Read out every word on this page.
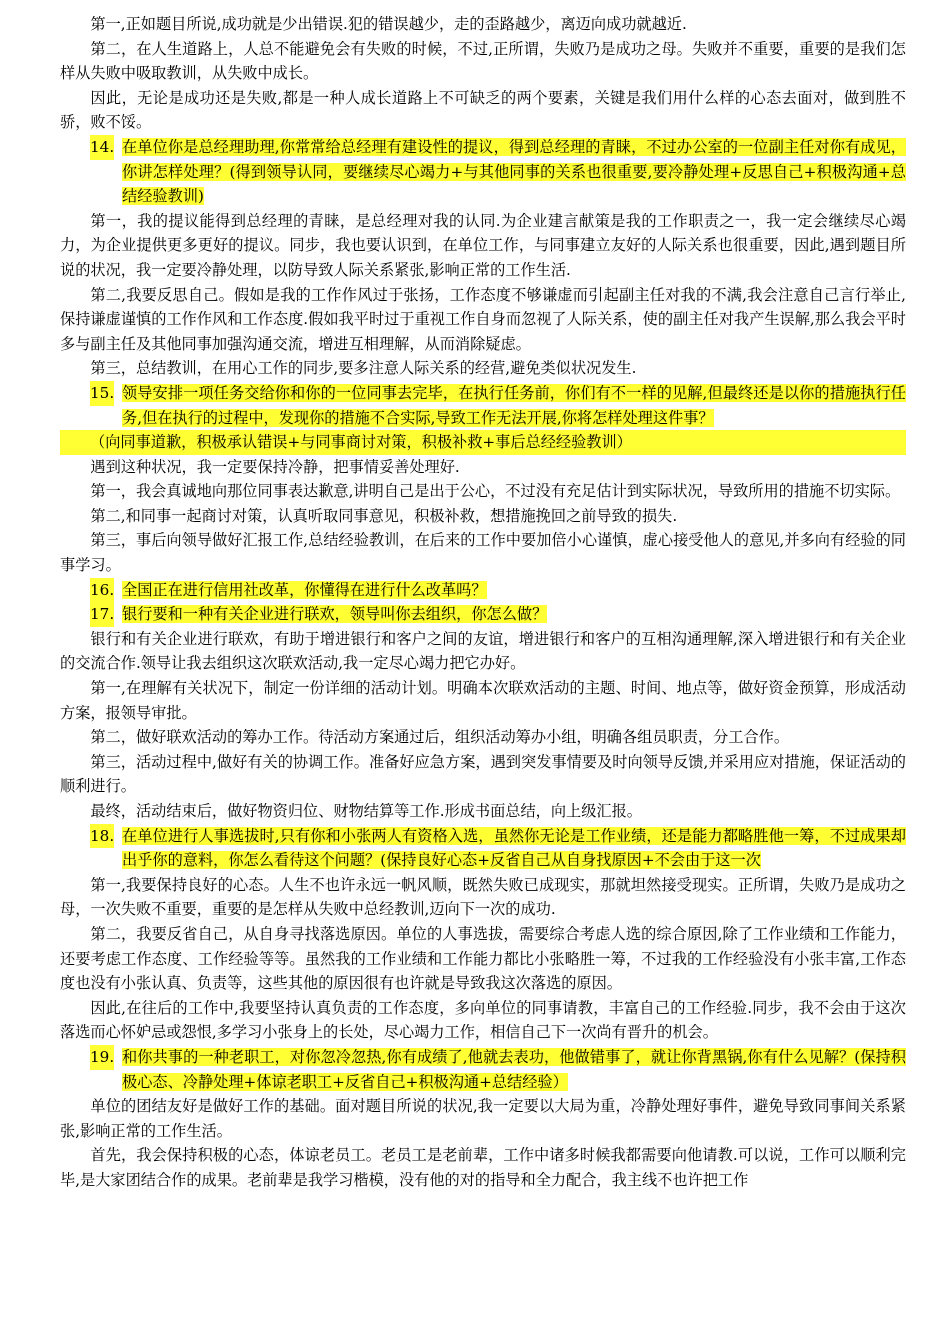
第一,正如题目所说,成功就是少出错误.犯的错误越少，走的歪路越少，离迈向成功就越近.

第二，在人生道路上，人总不能避免会有失败的时候，不过,正所谓，失败乃是成功之母。失败并不重要，重要的是我们怎样从失败中吸取教训，从失败中成长。

因此，无论是成功还是失败,都是一种人成长道路上不可缺乏的两个要素，关键是我们用什么样的心态去面对，做到胜不骄，败不馁。

14. 在单位你是总经理助理,你常常给总经理有建设性的提议，得到总经理的青睐，不过办公室的一位副主任对你有成见，你讲怎样处理？(得到领导认同，要继续尽心竭力+与其他同事的关系也很重要,要冷静处理+反思自己+积极沟通+总结经验教训)

第一，我的提议能得到总经理的青睐，是总经理对我的认同.为企业建言献策是我的工作职责之一，我一定会继续尽心竭力，为企业提供更多更好的提议。同步，我也要认识到，在单位工作，与同事建立友好的人际关系也很重要，因此,遇到题目所说的状况，我一定要冷静处理，以防导致人际关系紧张,影响正常的工作生活.

第二,我要反思自己。假如是我的工作作风过于张扬，工作态度不够谦虚而引起副主任对我的不满,我会注意自己言行举止,保持谦虚谨慎的工作作风和工作态度.假如我平时过于重视工作自身而忽视了人际关系，使的副主任对我产生误解,那么我会平时多与副主任及其他同事加强沟通交流，增进互相理解，从而消除疑虑。

第三，总结教训，在用心工作的同步,要多注意人际关系的经营,避免类似状况发生.

15. 领导安排一项任务交给你和你的一位同事去完毕，在执行任务前，你们有不一样的见解,但最终还是以你的措施执行任务,但在执行的过程中，发现你的措施不合实际,导致工作无法开展,你将怎样处理这件事？

（向同事道歉，积极承认错误+与同事商讨对策，积极补救+事后总经经验教训）

遇到这种状况，我一定要保持冷静，把事情妥善处理好.

第一，我会真诚地向那位同事表达歉意,讲明自己是出于公心，不过没有充足估计到实际状况，导致所用的措施不切实际。

第二,和同事一起商讨对策，认真听取同事意见，积极补救，想措施挽回之前导致的损失.

第三，事后向领导做好汇报工作,总结经验教训，在后来的工作中要加倍小心谨慎，虚心接受他人的意见,并多向有经验的同事学习。

16. 全国正在进行信用社改革，你懂得在进行什么改革吗？

17. 银行要和一种有关企业进行联欢，领导叫你去组织，你怎么做？

银行和有关企业进行联欢，有助于增进银行和客户之间的友谊，增进银行和客户的互相沟通理解,深入增进银行和有关企业的交流合作.领导让我去组织这次联欢活动,我一定尽心竭力把它办好。

第一,在理解有关状况下，制定一份详细的活动计划。明确本次联欢活动的主题、时间、地点等，做好资金预算，形成活动方案，报领导审批。

第二，做好联欢活动的筹办工作。待活动方案通过后，组织活动筹办小组，明确各组员职责，分工合作。

第三，活动过程中,做好有关的协调工作。准备好应急方案，遇到突发事情要及时向领导反馈,并采用应对措施，保证活动的顺利进行。

最终，活动结束后，做好物资归位、财物结算等工作.形成书面总结，向上级汇报。

18. 在单位进行人事选拔时,只有你和小张两人有资格入选，虽然你无论是工作业绩，还是能力都略胜他一筹，不过成果却出乎你的意料，你怎么看待这个问题？(保持良好心态+反省自己从自身找原因+不会由于这一次

第一,我要保持良好的心态。人生不也许永远一帆风顺，既然失败已成现实，那就坦然接受现实。正所谓，失败乃是成功之母，一次失败不重要，重要的是怎样从失败中总经教训,迈向下一次的成功.

第二，我要反省自己，从自身寻找落选原因。单位的人事选拔，需要综合考虑人选的综合原因,除了工作业绩和工作能力，还要考虑工作态度、工作经验等等。虽然我的工作业绩和工作能力都比小张略胜一筹，不过我的工作经验没有小张丰富,工作态度也没有小张认真、负责等，这些其他的原因很有也许就是导致我这次落选的原因。

因此,在往后的工作中,我要坚持认真负责的工作态度，多向单位的同事请教，丰富自己的工作经验.同步，我不会由于这次落选而心怀妒忌或怨恨,多学习小张身上的长处，尽心竭力工作，相信自己下一次尚有晋升的机会。

19. 和你共事的一种老职工，对你忽冷忽热,你有成绩了,他就去表功，他做错事了，就让你背黑锅,你有什么见解？(保持积极心态、冷静处理+体谅老职工+反省自己+积极沟通+总结经验）

单位的团结友好是做好工作的基础。面对题目所说的状况,我一定要以大局为重，冷静处理好事件，避免导致同事间关系紧张,影响正常的工作生活。

首先，我会保持积极的心态，体谅老员工。老员工是老前辈，工作中诸多时候我都需要向他请教.可以说，工作可以顺利完毕,是大家团结合作的成果。老前辈是我学习楷模，没有他的对的指导和全力配合，我主线不也许把工作
